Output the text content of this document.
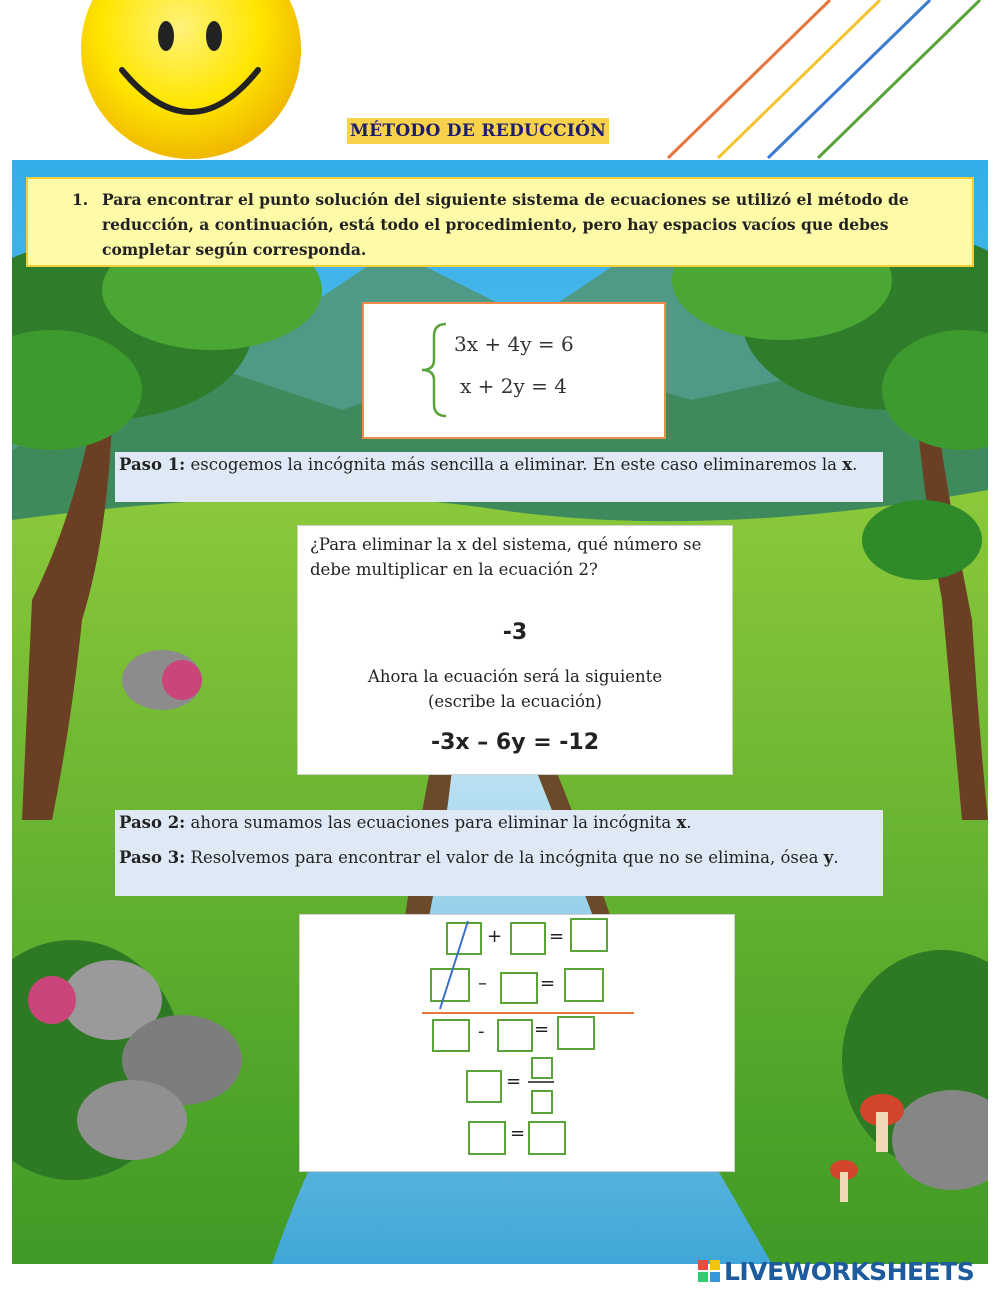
MÉTODO DE REDUCCIÓN
1. Para encontrar el punto solución del siguiente sistema de ecuaciones se utilizó el método de reducción, a continuación, está todo el procedimiento, pero hay espacios vacíos que debes completar según corresponda.
3x + 4y = 6
x + 2y = 4
Paso 1: escogemos la incógnita más sencilla a eliminar. En este caso eliminaremos la x.
¿Para eliminar la x del sistema, qué número se debe multiplicar en la ecuación 2?
-3
Ahora la ecuación será la siguiente
(escribe la ecuación)
-3x – 6y = -12
Paso 2: ahora sumamos las ecuaciones para eliminar la incógnita x.
Paso 3: Resolvemos para encontrar el valor de la incógnita que no se elimina, ósea y.
+	=
–	=
-	=
=
=
LIVEWORKSHEETS
